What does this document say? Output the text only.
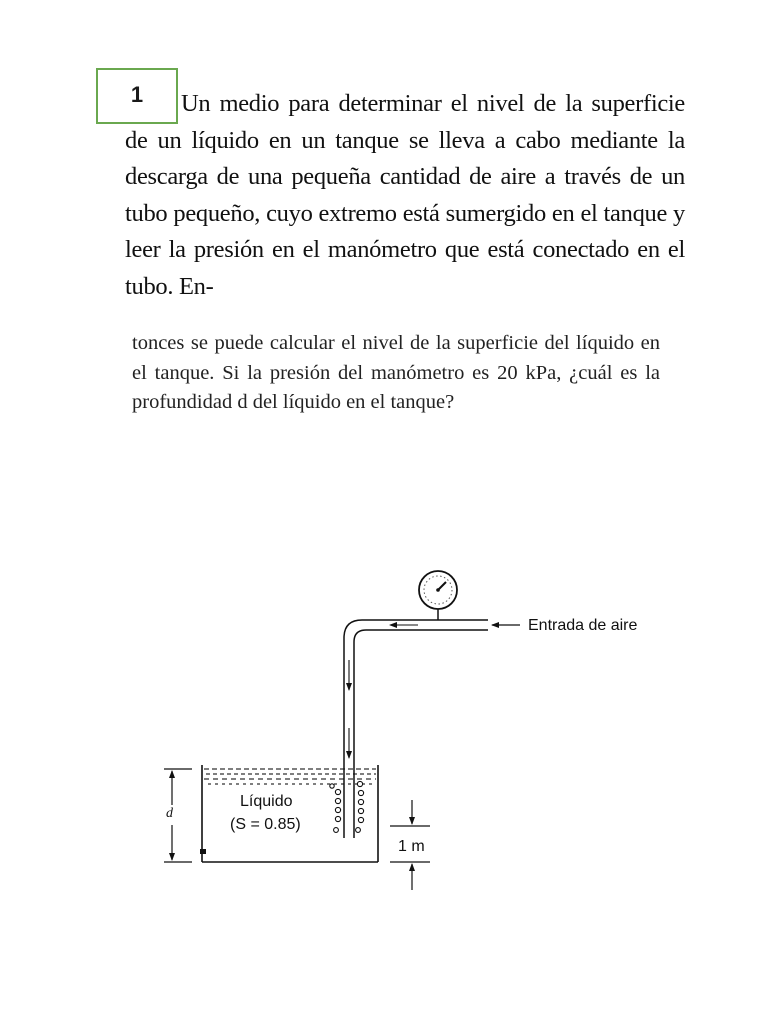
1	Un medio para determinar el nivel de la superficie de un líquido en un tanque se lleva a cabo mediante la descarga de una pequeña cantidad de aire a través de un tubo pequeño, cuyo extremo está sumergido en el tanque y leer la presión en el manómetro que está conectado en el tubo. En-

tonces se puede calcular el nivel de la superficie del líquido en el tanque. Si la presión del manómetro es 20 kPa, ¿cuál es la profundidad d del líquido en el tanque?

Entrada de aire
Líquido
(S = 0.85)
d
1 m
